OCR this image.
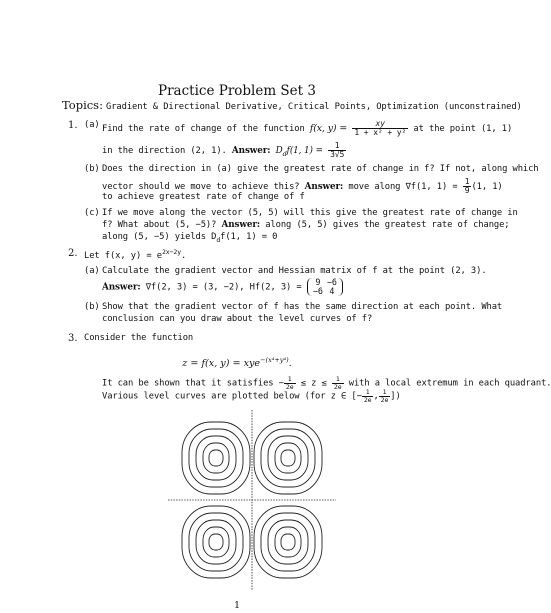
Practice Problem Set 3
Topics: Gradient & Directional Derivative, Critical Points, Optimization (unconstrained)
1. (a) Find the rate of change of the function f(x, $y) = \frac{xy}{\text{1 + x² + y²}}$ at the point (1, 1)
in the direction (2, 1). Answer: $D_df(1$, $1) = \frac{1}{3√5}$
(b) Does the direction in (a) give the greatest rate of change in f? If not, along which
vector should we move to achieve this? Answer: move along ∇f(1, $1) = \frac{1}{9} (1$, 1)
to achieve greatest rate of change of f
(c) If we move along the vector (5, 5) will this give the greatest rate of change in
f? What about (5, −5)? Answer: along (5, 5) gives the greatest rate of change;
along (5, −5) yields $D_df(1$, 1) = 0
2. Let f(x, $y) = e^{2x-2y}$.
(a) Calculate the gradient vector and Hessian matrix of f at the point (2, 3).
Answer: ∇f(2, 3) = (3, −2), Hf(2, 3) = 9 −6
−6 4
(b) Show that the gradient vector of f has the same direction at each point. What
conclusion can you draw about the level curves of f?
3. Consider the function
z = f(x, y) = xye$^{-(x^4+y^4)}$.
It can be shown that it satisfies − $\frac{1}{2e} \le z \le \frac{1}{2e}$ with a local extremum in each quadrant.
Various level curves are plotted below (for z ∈ [− $\frac{1}{2e}$ , $\frac{1}{2e}$ ])
1
